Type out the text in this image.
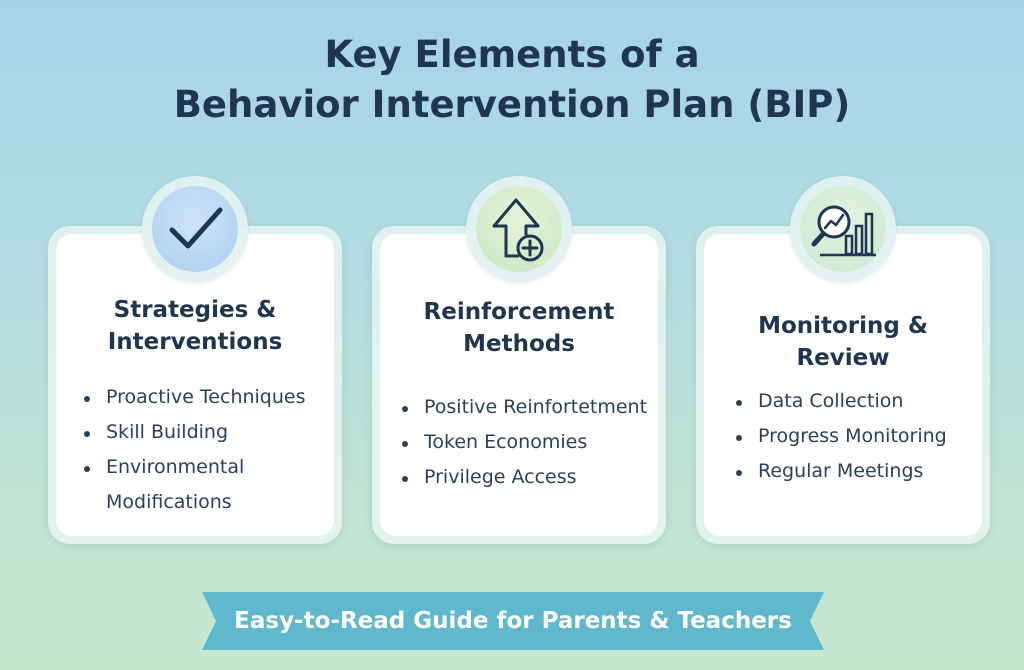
Key Elements of a
Behavior Intervention Plan (BIP)
Strategies &
Interventions
Proactive Techniques
Skill Building
Environmental
Modifications
Reinforcement
Methods
Positive Reinfortetment
Token Economies
Privilege Access
Monitoring &
Review
Data Collection
Progress Monitoring
Regular Meetings
Easy-to-Read Guide for Parents & Teachers
